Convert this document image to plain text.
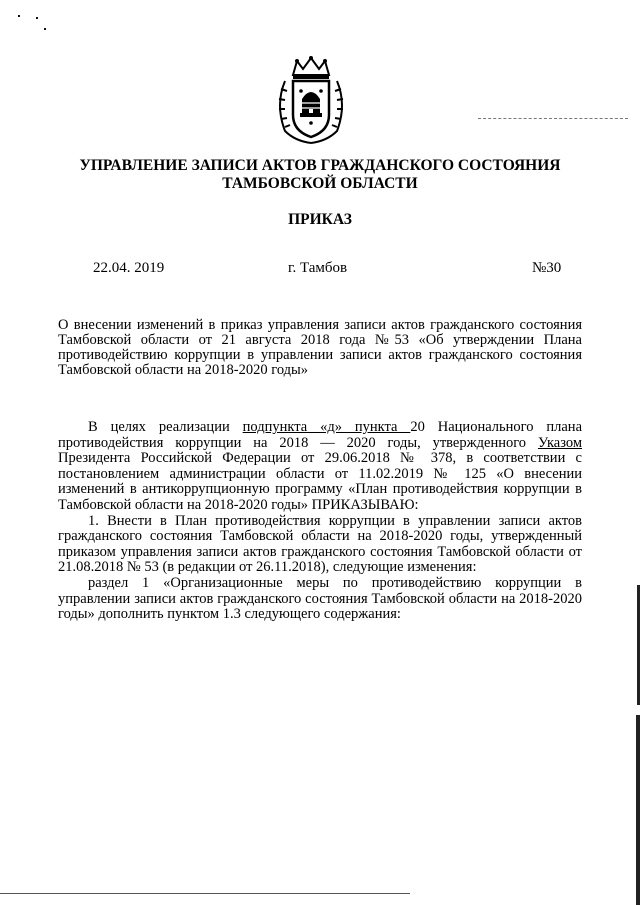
УПРАВЛЕНИЕ ЗАПИСИ АКТОВ ГРАЖДАНСКОГО СОСТОЯНИЯ
ТАМБОВСКОЙ ОБЛАСТИ
ПРИКАЗ
22.04. 2019	г. Тамбов	№30
О внесении изменений в приказ управления записи актов гражданского состояния Тамбовской области от 21 августа 2018 года №53 «Об утверждении Плана противодействию коррупции в управлении записи актов гражданского состояния Тамбовской области на 2018-2020 годы»

В целях реализации подпункта «д» пункта 20 Национального плана противодействия коррупции на 2018 — 2020 годы, утвержденного Указом Президента Российской Федерации от 29.06.2018 № 378, в соответствии с постановлением администрации области от 11.02.2019 № 125 «О внесении изменений в антикоррупционную программу «План противодействия коррупции в Тамбовской области на 2018-2020 годы» ПРИКАЗЫВАЮ:

1. Внести в План противодействия коррупции в управлении записи актов гражданского состояния Тамбовской области на 2018-2020 годы, утвержденный приказом управления записи актов гражданского состояния Тамбовской области от 21.08.2018 № 53 (в редакции от 26.11.2018), следующие изменения:

раздел 1 «Организационные меры по противодействию коррупции в управлении записи актов гражданского состояния Тамбовской области на 2018-2020 годы» дополнить пунктом 1.3 следующего содержания:
